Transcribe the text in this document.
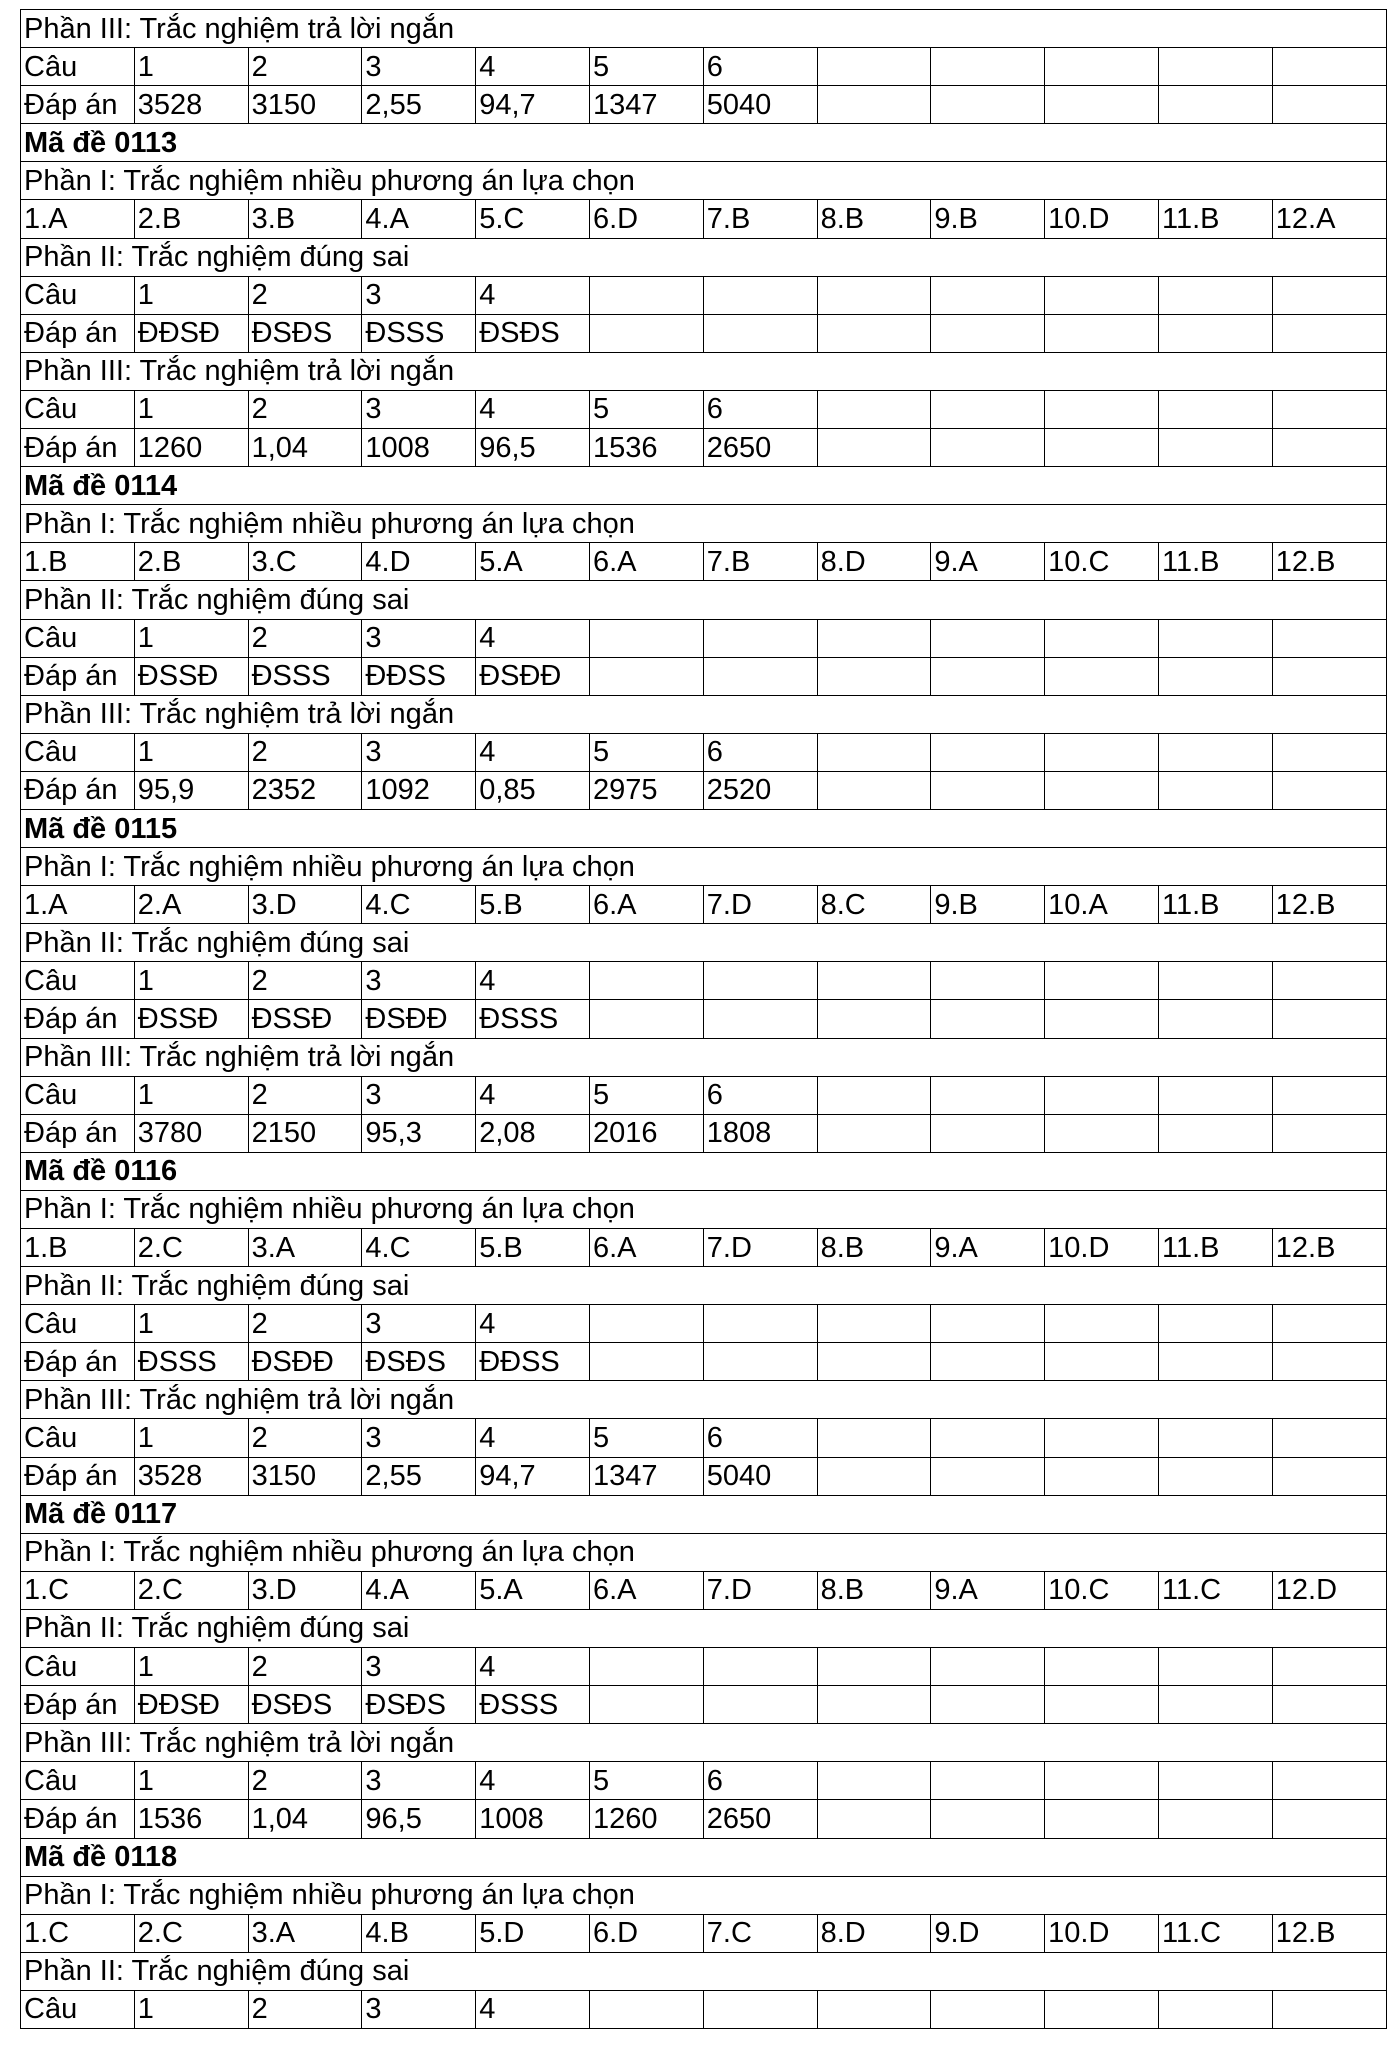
Phần III: Trắc nghiệm trả lời ngắn											
Câu	1	2	3	4	5	6					
Đáp án	3528	3150	2,55	94,7	1347	5040					
Mã đề 0113											
Phần I: Trắc nghiệm nhiều phương án lựa chọn											
1.A	2.B	3.B	4.A	5.C	6.D	7.B	8.B	9.B	10.D	11.B	12.A
Phần II: Trắc nghiệm đúng sai											
Câu	1	2	3	4							
Đáp án	ĐĐSĐ	ĐSĐS	ĐSSS	ĐSĐS							
Phần III: Trắc nghiệm trả lời ngắn											
Câu	1	2	3	4	5	6					
Đáp án	1260	1,04	1008	96,5	1536	2650					
Mã đề 0114											
Phần I: Trắc nghiệm nhiều phương án lựa chọn											
1.B	2.B	3.C	4.D	5.A	6.A	7.B	8.D	9.A	10.C	11.B	12.B
Phần II: Trắc nghiệm đúng sai											
Câu	1	2	3	4							
Đáp án	ĐSSĐ	ĐSSS	ĐĐSS	ĐSĐĐ							
Phần III: Trắc nghiệm trả lời ngắn											
Câu	1	2	3	4	5	6					
Đáp án	95,9	2352	1092	0,85	2975	2520					
Mã đề 0115											
Phần I: Trắc nghiệm nhiều phương án lựa chọn											
1.A	2.A	3.D	4.C	5.B	6.A	7.D	8.C	9.B	10.A	11.B	12.B
Phần II: Trắc nghiệm đúng sai											
Câu	1	2	3	4							
Đáp án	ĐSSĐ	ĐSSĐ	ĐSĐĐ	ĐSSS							
Phần III: Trắc nghiệm trả lời ngắn											
Câu	1	2	3	4	5	6					
Đáp án	3780	2150	95,3	2,08	2016	1808					
Mã đề 0116											
Phần I: Trắc nghiệm nhiều phương án lựa chọn											
1.B	2.C	3.A	4.C	5.B	6.A	7.D	8.B	9.A	10.D	11.B	12.B
Phần II: Trắc nghiệm đúng sai											
Câu	1	2	3	4							
Đáp án	ĐSSS	ĐSĐĐ	ĐSĐS	ĐĐSS							
Phần III: Trắc nghiệm trả lời ngắn											
Câu	1	2	3	4	5	6					
Đáp án	3528	3150	2,55	94,7	1347	5040					
Mã đề 0117											
Phần I: Trắc nghiệm nhiều phương án lựa chọn											
1.C	2.C	3.D	4.A	5.A	6.A	7.D	8.B	9.A	10.C	11.C	12.D
Phần II: Trắc nghiệm đúng sai											
Câu	1	2	3	4							
Đáp án	ĐĐSĐ	ĐSĐS	ĐSĐS	ĐSSS							
Phần III: Trắc nghiệm trả lời ngắn											
Câu	1	2	3	4	5	6					
Đáp án	1536	1,04	96,5	1008	1260	2650					
Mã đề 0118											
Phần I: Trắc nghiệm nhiều phương án lựa chọn											
1.C	2.C	3.A	4.B	5.D	6.D	7.C	8.D	9.D	10.D	11.C	12.B
Phần II: Trắc nghiệm đúng sai											
Câu	1	2	3	4							
